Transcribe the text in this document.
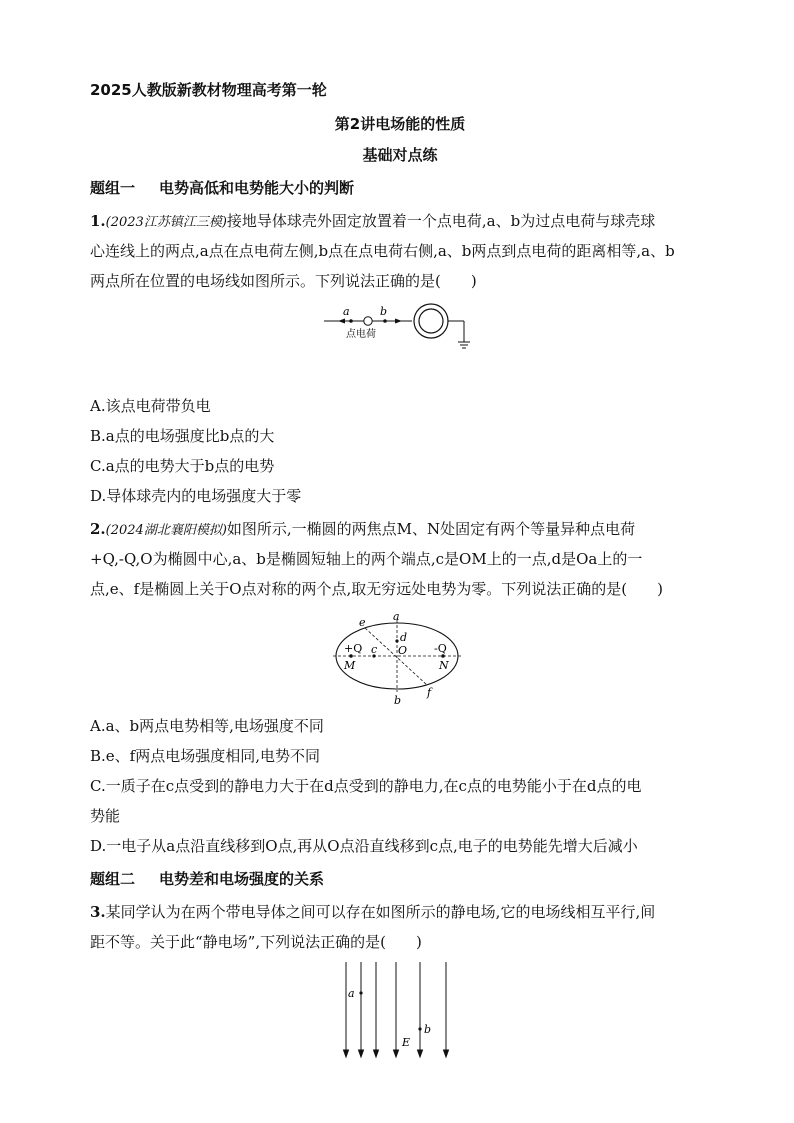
2025人教版新教材物理高考第一轮
第2讲电场能的性质
基础对点练
题组一 电势高低和电势能大小的判断
1.(2023江苏镇江三模)接地导体球壳外固定放置着一个点电荷,a、b为过点电荷与球壳球
心连线上的两点,a点在点电荷左侧,b点在点电荷右侧,a、b两点到点电荷的距离相等,a、b
两点所在位置的电场线如图所示。下列说法正确的是(　　)
a	b
点电荷
A.该点电荷带负电
B.a点的电场强度比b点的大
C.a点的电势大于b点的电势
D.导体球壳内的电场强度大于零
2.(2024湖北襄阳模拟)如图所示,一椭圆的两焦点M、N处固定有两个等量异种点电荷
+Q,-Q,O为椭圆中心,a、b是椭圆短轴上的两个端点,c是OM上的一点,d是Oa上的一
点,e、f是椭圆上关于O点对称的两个点,取无穷远处电势为零。下列说法正确的是(　　)
a
b
c
d
e
f
O
M	N
+Q	-Q
A.a、b两点电势相等,电场强度不同
B.e、f两点电场强度相同,电势不同
C.一质子在c点受到的静电力大于在d点受到的静电力,在c点的电势能小于在d点的电
势能
D.一电子从a点沿直线移到O点,再从O点沿直线移到c点,电子的电势能先增大后减小
题组二 电势差和电场强度的关系
3.某同学认为在两个带电导体之间可以存在如图所示的静电场,它的电场线相互平行,间
距不等。关于此“静电场”,下列说法正确的是(　　)
a
b
E
